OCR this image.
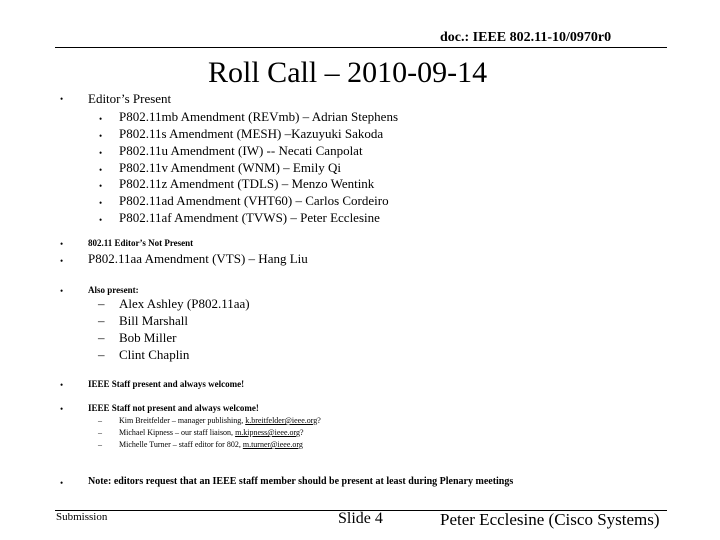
doc.: IEEE 802.11-10/0970r0
Roll Call – 2010-09-14
• Editor’s Present
• P802.11mb Amendment (REVmb) – Adrian Stephens
• P802.11s Amendment (MESH) –Kazuyuki Sakoda
• P802.11u Amendment (IW) -- Necati Canpolat
• P802.11v Amendment (WNM) – Emily Qi
• P802.11z Amendment (TDLS) – Menzo Wentink
• P802.11ad Amendment (VHT60) – Carlos Cordeiro
• P802.11af Amendment (TVWS) – Peter Ecclesine
•	802.11 Editor’s Not Present
• P802.11aa Amendment (VTS) – Hang Liu
•	Also present:
– Alex Ashley (P802.11aa)
– Bill Marshall
– Bob Miller
– Clint Chaplin
•	IEEE Staff present and always welcome!
•	IEEE Staff not present and always welcome!
– Kim Breitfelder – manager publishing, k.breitfelder@ieee.org?
– Michael Kipness – our staff liaison, m.kipness@ieee.org?
– Michelle Turner – staff editor for 802, m.turner@ieee.org
• Note: editors request that an IEEE staff member should be present at least during Plenary meetings
Submission	Slide 4	Peter Ecclesine (Cisco Systems)
